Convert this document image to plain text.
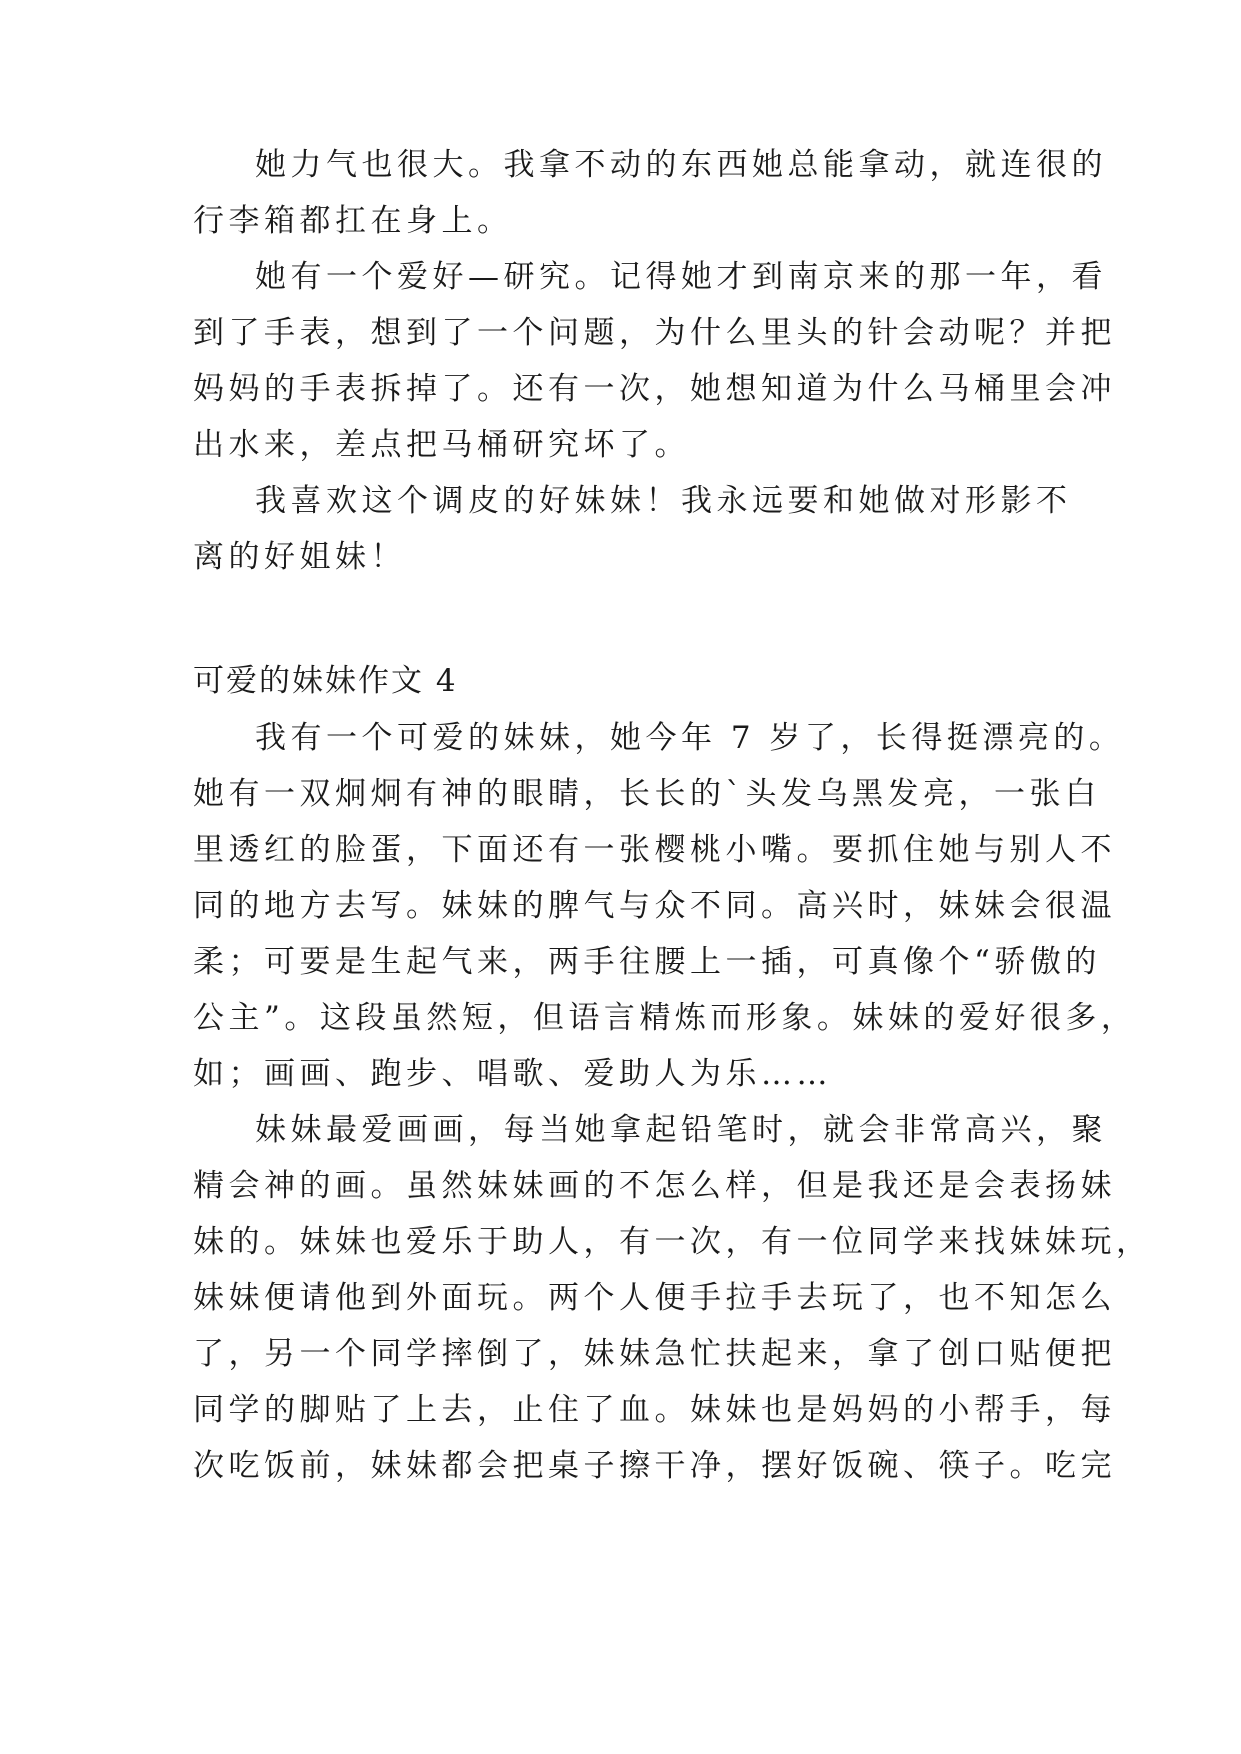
她力气也很大。我拿不动的东西她总能拿动，就连很的
行李箱都扛在身上。
她有一个爱好—研究。记得她才到南京来的那一年，看
到了手表，想到了一个问题，为什么里头的针会动呢？并把
妈妈的手表拆掉了。还有一次，她想知道为什么马桶里会冲
出水来，差点把马桶研究坏了。
我喜欢这个调皮的好妹妹！我永远要和她做对形影不
离的好姐妹！
可爱的妹妹作文 4
我有一个可爱的妹妹，她今年 7 岁了，长得挺漂亮的。
她有一双炯炯有神的眼睛，长长的`头发乌黑发亮，一张白
里透红的脸蛋，下面还有一张樱桃小嘴。要抓住她与别人不
同的地方去写。妹妹的脾气与众不同。高兴时，妹妹会很温
柔；可要是生起气来，两手往腰上一插，可真像个“骄傲的
公主”。这段虽然短，但语言精炼而形象。妹妹的爱好很多，
如；画画、跑步、唱歌、爱助人为乐……
妹妹最爱画画，每当她拿起铅笔时，就会非常高兴，聚
精会神的画。虽然妹妹画的不怎么样，但是我还是会表扬妹
妹的。妹妹也爱乐于助人，有一次，有一位同学来找妹妹玩，
妹妹便请他到外面玩。两个人便手拉手去玩了，也不知怎么
了，另一个同学摔倒了，妹妹急忙扶起来，拿了创口贴便把
同学的脚贴了上去，止住了血。妹妹也是妈妈的小帮手，每
次吃饭前，妹妹都会把桌子擦干净，摆好饭碗、筷子。吃完
